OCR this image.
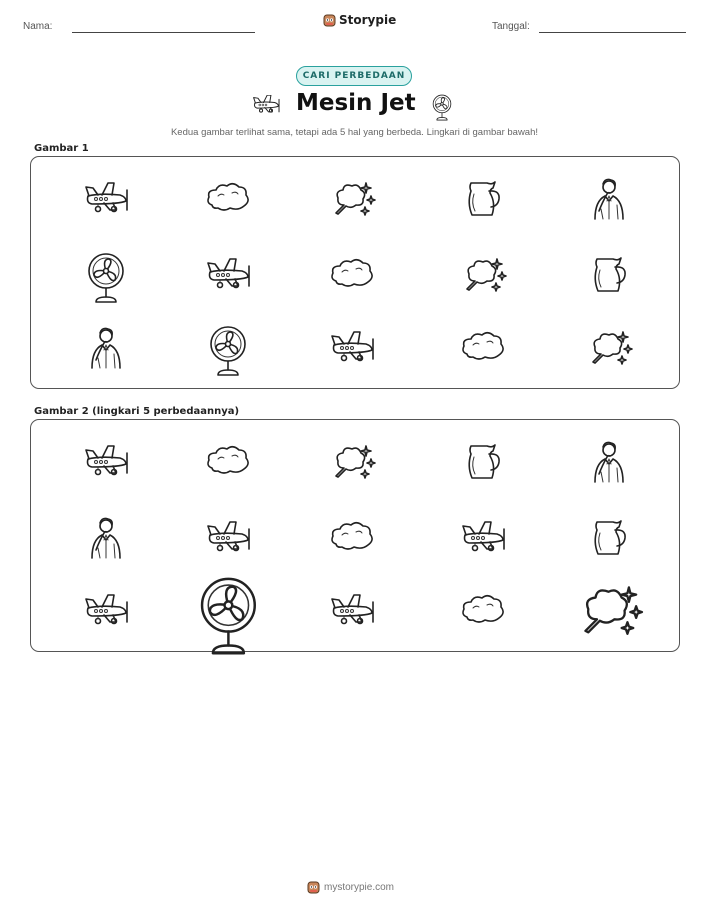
Nama:	Tanggal:
Storypie
CARI PERBEDAAN
Mesin Jet
Kedua gambar terlihat sama, tetapi ada 5 hal yang berbeda. Lingkari di gambar bawah!
Gambar 1
Gambar 2 (lingkari 5 perbedaannya)
mystorypie.com
